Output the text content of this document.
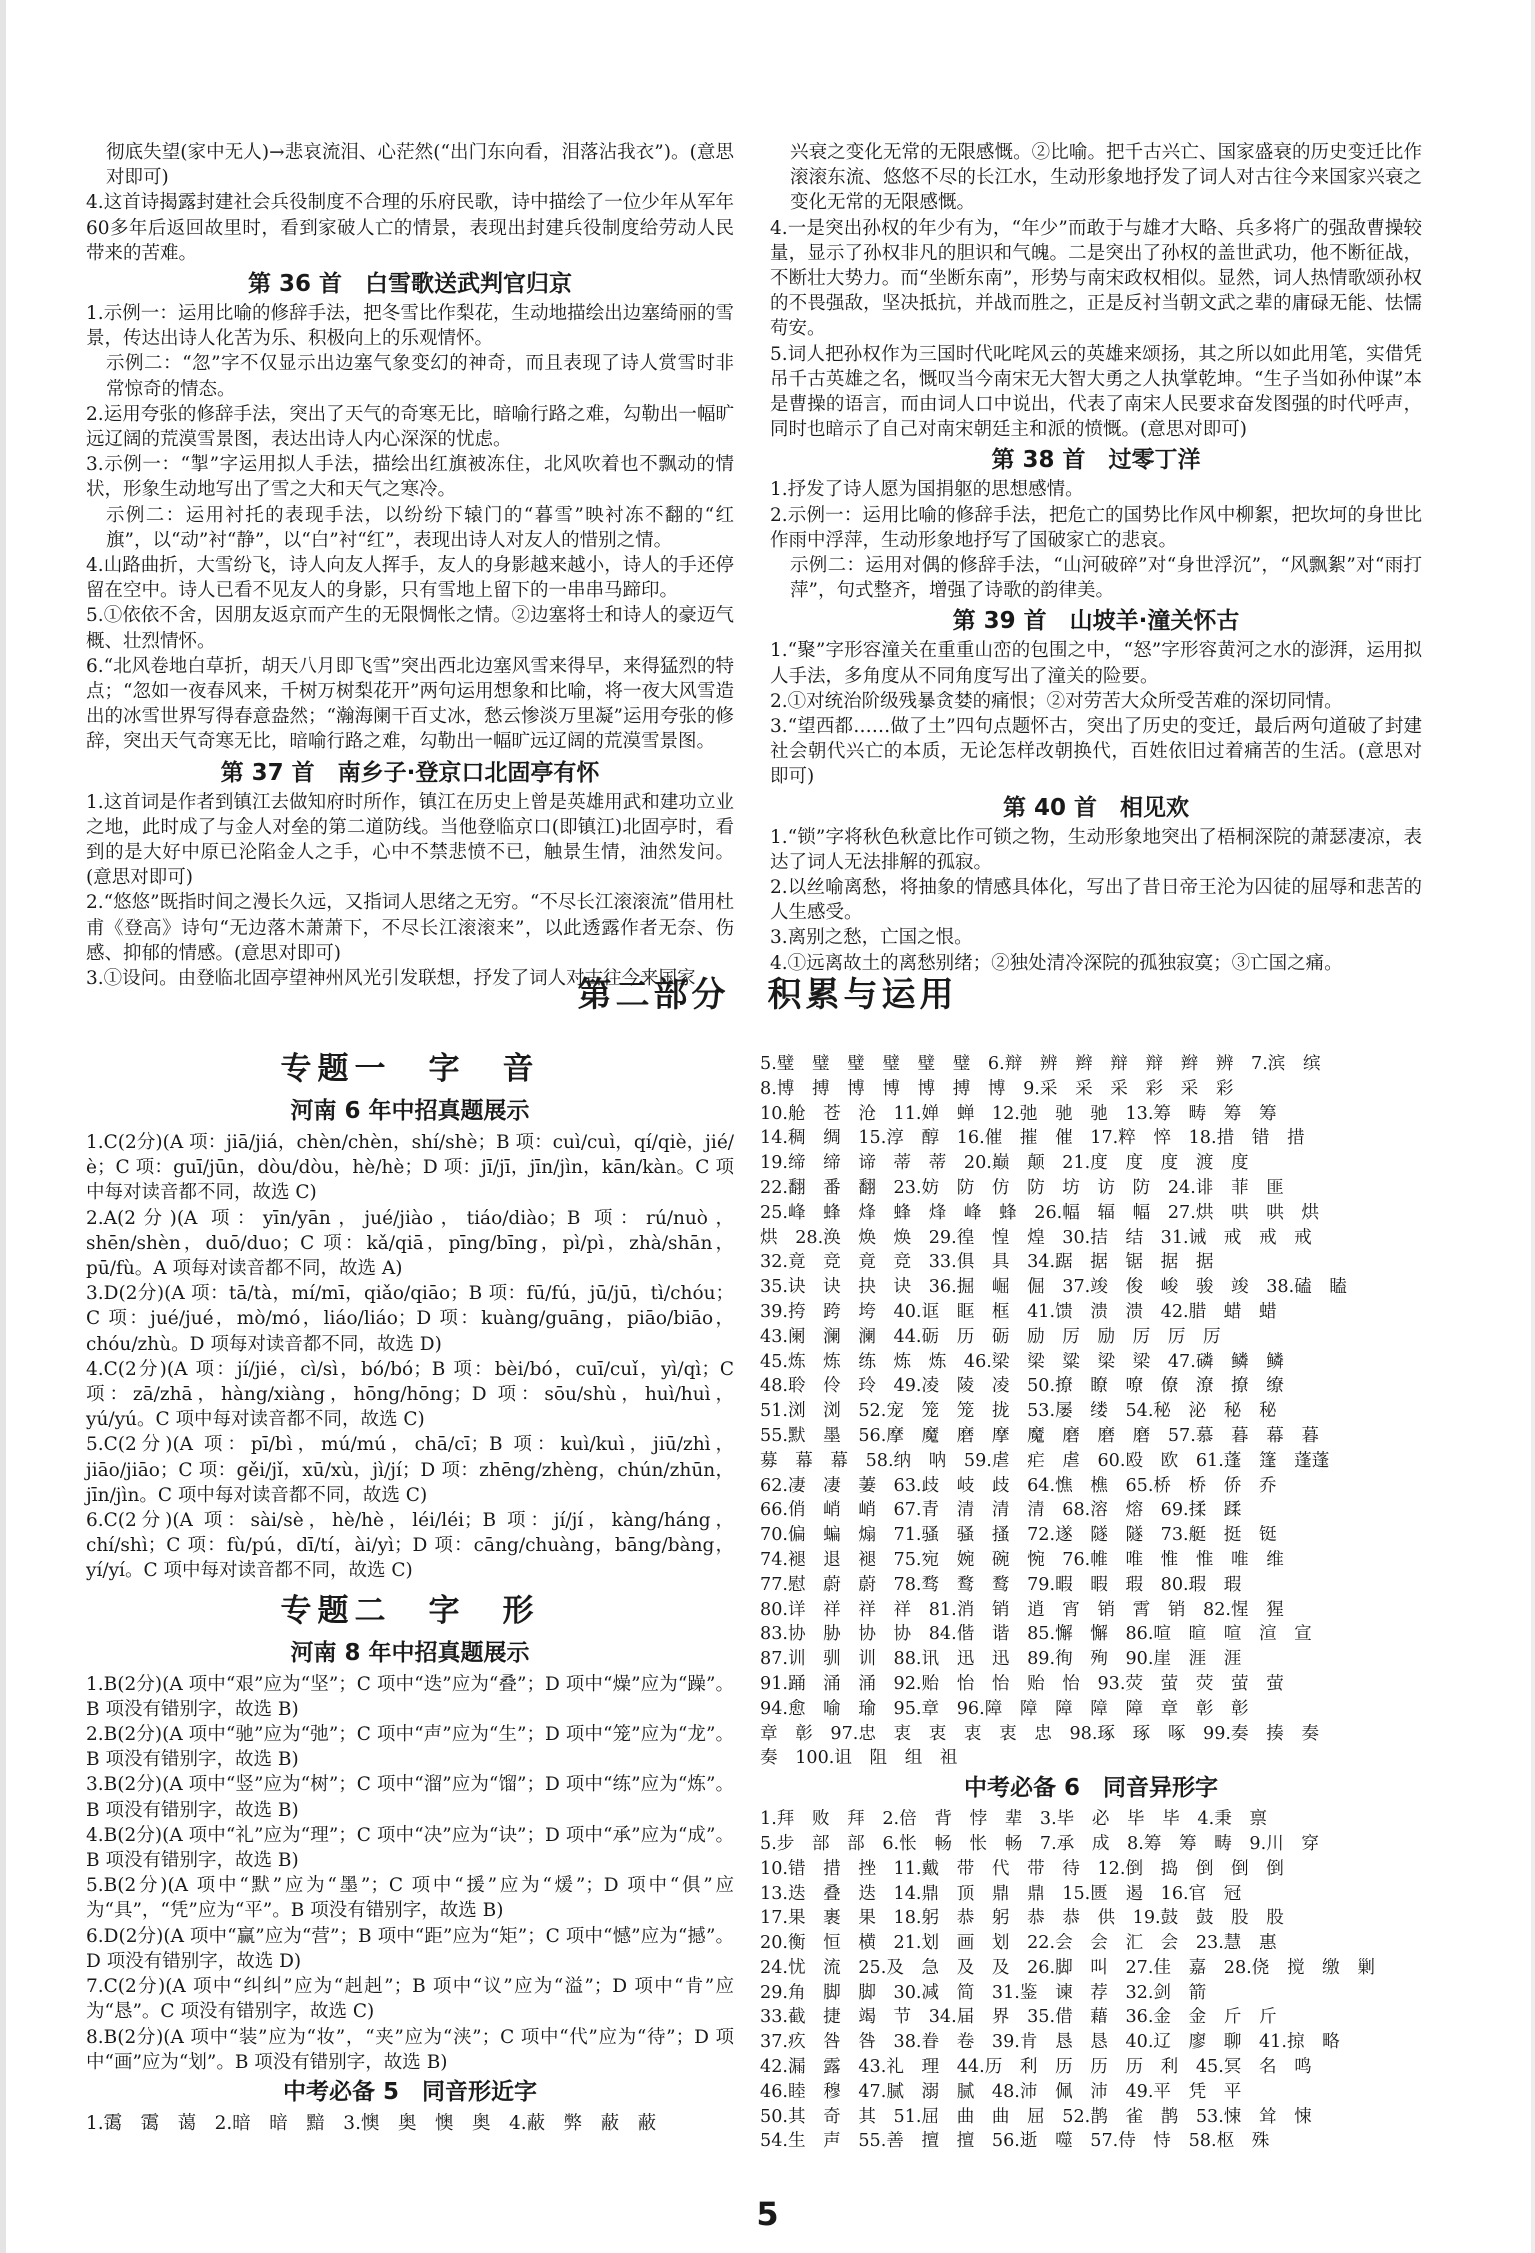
彻底失望(家中无人)→悲哀流泪、心茫然(“出门东向看，泪落沾我衣”)。(意思对即可)

4.这首诗揭露封建社会兵役制度不合理的乐府民歌，诗中描绘了一位少年从军年60多年后返回故里时，看到家破人亡的情景，表现出封建兵役制度给劳动人民带来的苦难。

第 36 首　白雪歌送武判官归京

1.示例一：运用比喻的修辞手法，把冬雪比作梨花，生动地描绘出边塞绮丽的雪景，传达出诗人化苦为乐、积极向上的乐观情怀。

示例二：“忽”字不仅显示出边塞气象变幻的神奇，而且表现了诗人赏雪时非常惊奇的情态。

2.运用夸张的修辞手法，突出了天气的奇寒无比，暗喻行路之难，勾勒出一幅旷远辽阔的荒漠雪景图，表达出诗人内心深深的忧虑。

3.示例一：“掣”字运用拟人手法，描绘出红旗被冻住，北风吹着也不飘动的情状，形象生动地写出了雪之大和天气之寒冷。

示例二：运用衬托的表现手法，以纷纷下辕门的“暮雪”映衬冻不翻的“红旗”，以“动”衬“静”，以“白”衬“红”，表现出诗人对友人的惜别之情。

4.山路曲折，大雪纷飞，诗人向友人挥手，友人的身影越来越小，诗人的手还停留在空中。诗人已看不见友人的身影，只有雪地上留下的一串串马蹄印。

5.①依依不舍，因朋友返京而产生的无限惆怅之情。②边塞将士和诗人的豪迈气概、壮烈情怀。

6.“北风卷地白草折，胡天八月即飞雪”突出西北边塞风雪来得早，来得猛烈的特点；“忽如一夜春风来，千树万树梨花开”两句运用想象和比喻，将一夜大风雪造出的冰雪世界写得春意盎然；“瀚海阑干百丈冰，愁云惨淡万里凝”运用夸张的修辞，突出天气奇寒无比，暗喻行路之难，勾勒出一幅旷远辽阔的荒漠雪景图。

第 37 首　南乡子·登京口北固亭有怀

1.这首词是作者到镇江去做知府时所作，镇江在历史上曾是英雄用武和建功立业之地，此时成了与金人对垒的第二道防线。当他登临京口(即镇江)北固亭时，看到的是大好中原已沦陷金人之手，心中不禁悲愤不已，触景生情，油然发问。(意思对即可)

2.“悠悠”既指时间之漫长久远，又指词人思绪之无穷。“不尽长江滚滚流”借用杜甫《登高》诗句“无边落木萧萧下，不尽长江滚滚来”，以此透露作者无奈、伤感、抑郁的情感。(意思对即可)

3.①设问。由登临北固亭望神州风光引发联想，抒发了词人对古往今来国家

兴衰之变化无常的无限感慨。②比喻。把千古兴亡、国家盛衰的历史变迁比作滚滚东流、悠悠不尽的长江水，生动形象地抒发了词人对古往今来国家兴衰之变化无常的无限感慨。

4.一是突出孙权的年少有为，“年少”而敢于与雄才大略、兵多将广的强敌曹操较量，显示了孙权非凡的胆识和气魄。二是突出了孙权的盖世武功，他不断征战，不断壮大势力。而“坐断东南”，形势与南宋政权相似。显然，词人热情歌颂孙权的不畏强敌，坚决抵抗，并战而胜之，正是反衬当朝文武之辈的庸碌无能、怯懦苟安。

5.词人把孙权作为三国时代叱咤风云的英雄来颂扬，其之所以如此用笔，实借凭吊千古英雄之名，慨叹当今南宋无大智大勇之人执掌乾坤。“生子当如孙仲谋”本是曹操的语言，而由词人口中说出，代表了南宋人民要求奋发图强的时代呼声，同时也暗示了自己对南宋朝廷主和派的愤慨。(意思对即可)

第 38 首　过零丁洋

1.抒发了诗人愿为国捐躯的思想感情。

2.示例一：运用比喻的修辞手法，把危亡的国势比作风中柳絮，把坎坷的身世比作雨中浮萍，生动形象地抒写了国破家亡的悲哀。

示例二：运用对偶的修辞手法，“山河破碎”对“身世浮沉”，“风飘絮”对“雨打萍”，句式整齐，增强了诗歌的韵律美。

第 39 首　山坡羊·潼关怀古

1.“聚”字形容潼关在重重山峦的包围之中，“怒”字形容黄河之水的澎湃，运用拟人手法，多角度从不同角度写出了潼关的险要。

2.①对统治阶级残暴贪婪的痛恨；②对劳苦大众所受苦难的深切同情。

3.“望西都……做了土”四句点题怀古，突出了历史的变迁，最后两句道破了封建社会朝代兴亡的本质，无论怎样改朝换代，百姓依旧过着痛苦的生活。(意思对即可)

第 40 首　相见欢

1.“锁”字将秋色秋意比作可锁之物，生动形象地突出了梧桐深院的萧瑟凄凉，表达了词人无法排解的孤寂。

2.以丝喻离愁，将抽象的情感具体化，写出了昔日帝王沦为囚徒的屈辱和悲苦的人生感受。

3.离别之愁，亡国之恨。

4.①远离故土的离愁别绪；②独处清冷深院的孤独寂寞；③亡国之痛。

第二部分　积累与运用
专题一　字　音
河南 6 年中招真题展示

1.C(2分)(A 项：jiā/jiá，chèn/chèn，shí/shè；B 项：cuì/cuì，qí/qiè，jié/è；C 项：guī/jūn，dòu/dòu，hè/hè；D 项：jī/jī，jīn/jìn，kān/kàn。C 项中每对读音都不同，故选 C)

2.A(2分)(A 项：yīn/yān，jué/jiào，tiáo/diào；B 项：rú/nuò，shēn/shèn，duō/duo；C 项：kǎ/qiā，pīng/bīng，pì/pì，zhà/shān，pū/fù。A 项每对读音都不同，故选 A)

3.D(2分)(A 项：tā/tà，mí/mī，qiǎo/qiāo；B 项：fū/fú，jū/jū，tì/chóu；C 项：jué/jué，mò/mó，liáo/liáo；D 项：kuàng/guāng，piāo/biāo，chóu/zhù。D 项每对读音都不同，故选 D)

4.C(2分)(A 项：jí/jié，cì/sì，bó/bó；B 项：bèi/bó，cuī/cuǐ，yì/qì；C 项：zā/zhā，hàng/xiàng，hōng/hōng；D 项：sōu/shù，huì/huì，yú/yú。C 项中每对读音都不同，故选 C)

5.C(2分)(A 项：pī/bì，mú/mú，chā/cī；B 项：kuì/kuì，jiū/zhì，jiāo/jiāo；C 项：gěi/jǐ，xū/xù，jì/jí；D 项：zhēng/zhèng，chún/zhūn，jīn/jìn。C 项中每对读音都不同，故选 C)

6.C(2分)(A 项：sài/sè，hè/hè，léi/léi；B 项：jí/jí，kàng/háng，chí/shì；C 项：fù/pú，dī/tí，ài/yì；D 项：cāng/chuàng，bāng/bàng，yí/yí。C 项中每对读音都不同，故选 C)

专题二　字　形
河南 8 年中招真题展示

1.B(2分)(A 项中“艰”应为“坚”；C 项中“迭”应为“叠”；D 项中“燥”应为“躁”。B 项没有错别字，故选 B)

2.B(2分)(A 项中“驰”应为“弛”；C 项中“声”应为“生”；D 项中“笼”应为“龙”。B 项没有错别字，故选 B)

3.B(2分)(A 项中“竖”应为“树”；C 项中“溜”应为“馏”；D 项中“练”应为“炼”。B 项没有错别字，故选 B)

4.B(2分)(A 项中“礼”应为“理”；C 项中“决”应为“诀”；D 项中“承”应为“成”。B 项没有错别字，故选 B)

5.B(2分)(A 项中“默”应为“墨”；C 项中“援”应为“煖”；D 项中“俱”应为“具”，“凭”应为“平”。B 项没有错别字，故选 B)

6.D(2分)(A 项中“赢”应为“营”；B 项中“距”应为“矩”；C 项中“憾”应为“撼”。D 项没有错别字，故选 D)

7.C(2分)(A 项中“纠纠”应为“赳赳”；B 项中“议”应为“溢”；D 项中“肯”应为“恳”。C 项没有错别字，故选 C)

8.B(2分)(A 项中“装”应为“妆”，“夹”应为“浃”；C 项中“代”应为“待”；D 项中“画”应为“划”。B 项没有错别字，故选 B)

中考必备 5　同音形近字

1.霭　霭　蔼　2.暗　暗　黯　3.懊　奥　懊　奥　4.蔽　弊　蔽　蔽

5.璧　璧　璧　璧　璧　璧　6.辩　辨　辫　辩　辩　辫　辨　7.滨　缤

8.博　搏　博　博　博　搏　博　9.采　采　采　彩　采　彩

10.舱　苍　沧　11.婵　蝉　12.弛　驰　驰　13.筹　畴　筹　筹

14.稠　绸　15.淳　醇　16.催　摧　催　17.粹　悴　18.措　错　措

19.缔　缔　谛　蒂　蒂　20.巅　颠　21.度　度　度　渡　度

22.翻　番　翻　23.妨　防　仿　防　坊　访　防　24.诽　菲　匪

25.峰　蜂　烽　蜂　烽　峰　蜂　26.幅　辐　幅　27.烘　哄　哄　烘

烘　28.涣　焕　焕　29.徨　惶　煌　30.拮　结　31.诫　戒　戒　戒

32.竟　竞　竟　竞　33.俱　具　34.踞　据　锯　据　据

35.诀　诀　抉　诀　36.掘　崛　倔　37.竣　俊　峻　骏　竣　38.磕　瞌

39.挎　跨　垮　40.诓　眶　框　41.馈　溃　溃　42.腊　蜡　蜡

43.阑　澜　澜　44.砺　历　砺　励　厉　励　厉　厉　厉

45.炼　炼　练　炼　炼　46.梁　梁　粱　梁　梁　47.磷　鳞　鳞

48.聆　伶　玲　49.凌　陵　凌　50.撩　瞭　嘹　僚　潦　撩　缭

51.浏　浏　52.宠　笼　笼　拢　53.屡　缕　54.秘　泌　秘　秘

55.默　墨　56.摩　魔　磨　摩　魔　磨　磨　磨　57.慕　暮　幕　暮

募　幕　幕　58.纳　呐　59.虐　疟　虐　60.殴　欧　61.蓬　篷　蓬蓬

62.凄　凄　萋　63.歧　岐　歧　64.憔　樵　65.桥　桥　侨　乔

66.俏　峭　峭　67.青　清　清　清　68.溶　熔　69.揉　蹂

70.偏　蝙　煽　71.骚　骚　搔　72.遂　隧　隧　73.艇　挺　铤

74.褪　退　褪　75.宛　婉　碗　惋　76.帷　唯　惟　惟　唯　维

77.慰　蔚　蔚　78.骛　鹜　鹜　79.暇　暇　瑕　80.瑕　瑕

80.详　祥　祥　祥　81.消　销　逍　宵　销　霄　销　82.惺　猩

83.协　胁　协　协　84.偕　谐　85.懈　懈　86.喧　暄　喧　渲　宣

87.训　驯　训　88.讯　迅　迅　89.徇　殉　90.崖　涯　涯

91.踊　涌　涌　92.贻　怡　怡　贻　怡　93.荧　萤　荧　萤　萤

94.愈　喻　瑜　95.章　96.障　障　障　障　障　章　彰　彰

章　彰　97.忠　衷　衷　衷　衷　忠　98.琢　琢　啄　99.奏　揍　奏

奏　100.诅　阻　组　祖

中考必备 6　同音异形字

1.拜　败　拜　2.倍　背　悖　辈　3.毕　必　毕　毕　4.秉　禀

5.步　部　部　6.怅　畅　怅　畅　7.承　成　8.筹　筹　畴　9.川　穿

10.错　措　挫　11.戴　带　代　带　待　12.倒　捣　倒　倒　倒

13.迭　叠　迭　14.鼎　顶　鼎　鼎　15.匮　遏　16.官　冠

17.果　裹　果　18.躬　恭　躬　恭　恭　供　19.鼓　鼓　股　股

20.衡　恒　横　21.划　画　划　22.会　会　汇　会　23.慧　惠

24.忧　流　25.及　急　及　及　26.脚　叫　27.佳　嘉　28.侥　搅　缴　剿

29.角　脚　脚　30.减　简　31.鉴　谏　荐　32.剑　箭

33.截　捷　竭　节　34.届　界　35.借　藉　36.金　金　斤　斤

37.疚　咎　咎　38.眷　卷　39.肯　恳　恳　40.辽　廖　聊　41.掠　略

42.漏　露　43.礼　理　44.历　利　历　历　历　利　45.冥　名　鸣

46.睦　穆　47.腻　溺　腻　48.沛　佩　沛　49.平　凭　平

50.其　奇　其　51.屈　曲　曲　屈　52.鹊　雀　鹊　53.悚　耸　悚

54.生　声　55.善　擅　擅　56.逝　噬　57.侍　恃　58.枢　殊

5
